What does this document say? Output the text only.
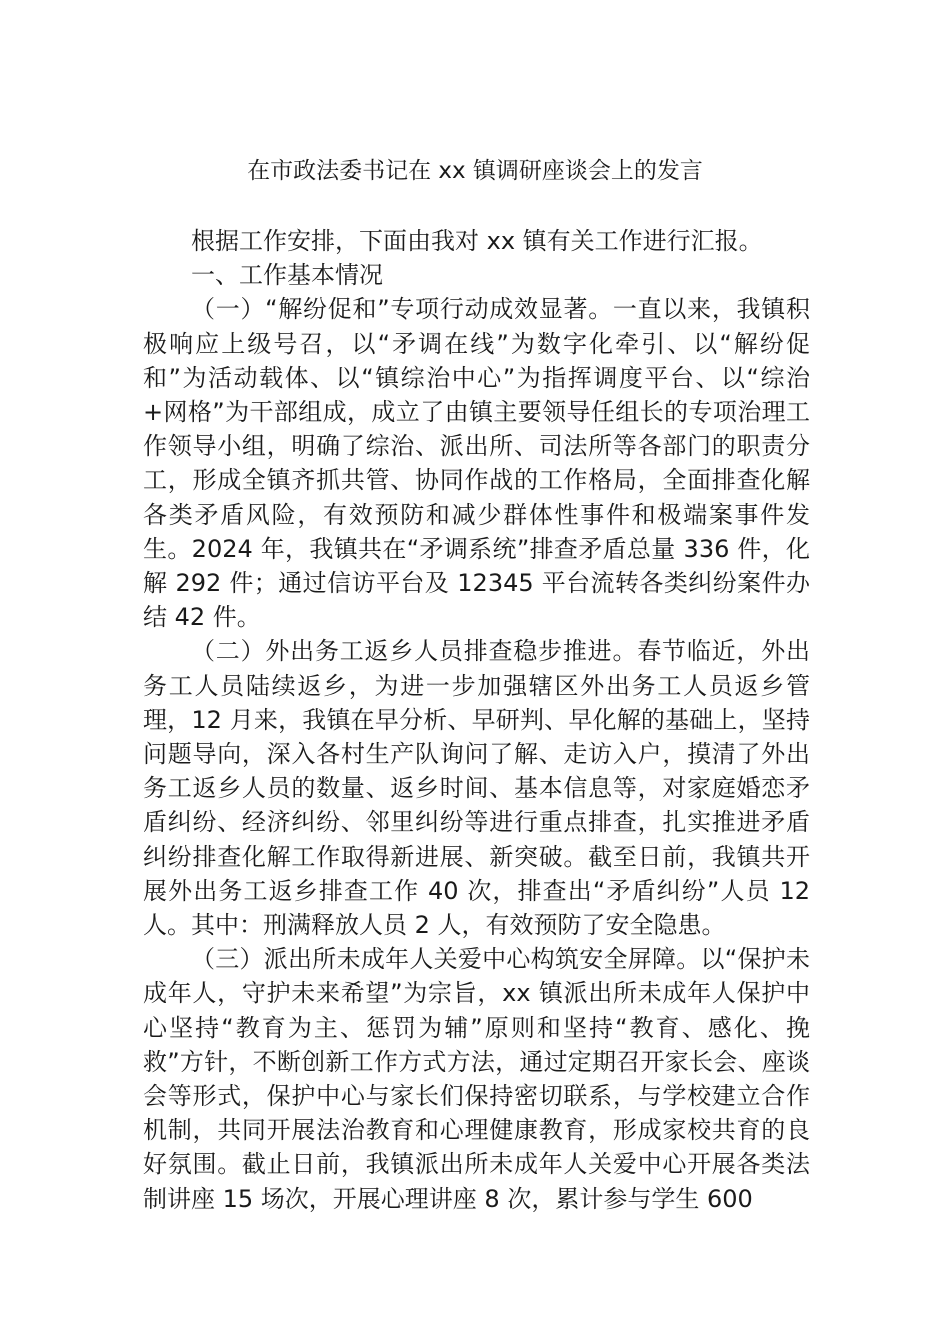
在市政法委书记在 xx 镇调研座谈会上的发言

根据工作安排，下面由我对 xx 镇有关工作进行汇报。

一、工作基本情况

（一）“解纷促和”专项行动成效显著。一直以来，我镇积极响应上级号召，以“矛调在线”为数字化牵引、以“解纷促和”为活动载体、以“镇综治中心”为指挥调度平台、以“综治+网格”为干部组成，成立了由镇主要领导任组长的专项治理工作领导小组，明确了综治、派出所、司法所等各部门的职责分工，形成全镇齐抓共管、协同作战的工作格局，全面排查化解各类矛盾风险，有效预防和减少群体性事件和极端案事件发生。2024 年，我镇共在“矛调系统”排查矛盾总量 336 件，化解 292 件；通过信访平台及 12345 平台流转各类纠纷案件办结 42 件。

（二）外出务工返乡人员排查稳步推进。春节临近，外出务工人员陆续返乡，为进一步加强辖区外出务工人员返乡管理，12 月来，我镇在早分析、早研判、早化解的基础上，坚持问题导向，深入各村生产队询问了解、走访入户，摸清了外出务工返乡人员的数量、返乡时间、基本信息等，对家庭婚恋矛盾纠纷、经济纠纷、邻里纠纷等进行重点排查，扎实推进矛盾纠纷排查化解工作取得新进展、新突破。截至日前，我镇共开展外出务工返乡排查工作 40 次，排查出“矛盾纠纷”人员 12 人。其中：刑满释放人员 2 人，有效预防了安全隐患。

（三）派出所未成年人关爱中心构筑安全屏障。以“保护未成年人，守护未来希望”为宗旨，xx 镇派出所未成年人保护中心坚持“教育为主、惩罚为辅”原则和坚持“教育、感化、挽救”方针，不断创新工作方式方法，通过定期召开家长会、座谈会等形式，保护中心与家长们保持密切联系，与学校建立合作机制，共同开展法治教育和心理健康教育，形成家校共育的良好氛围。截止日前，我镇派出所未成年人关爱中心开展各类法制讲座 15 场次，开展心理讲座 8 次，累计参与学生 600
